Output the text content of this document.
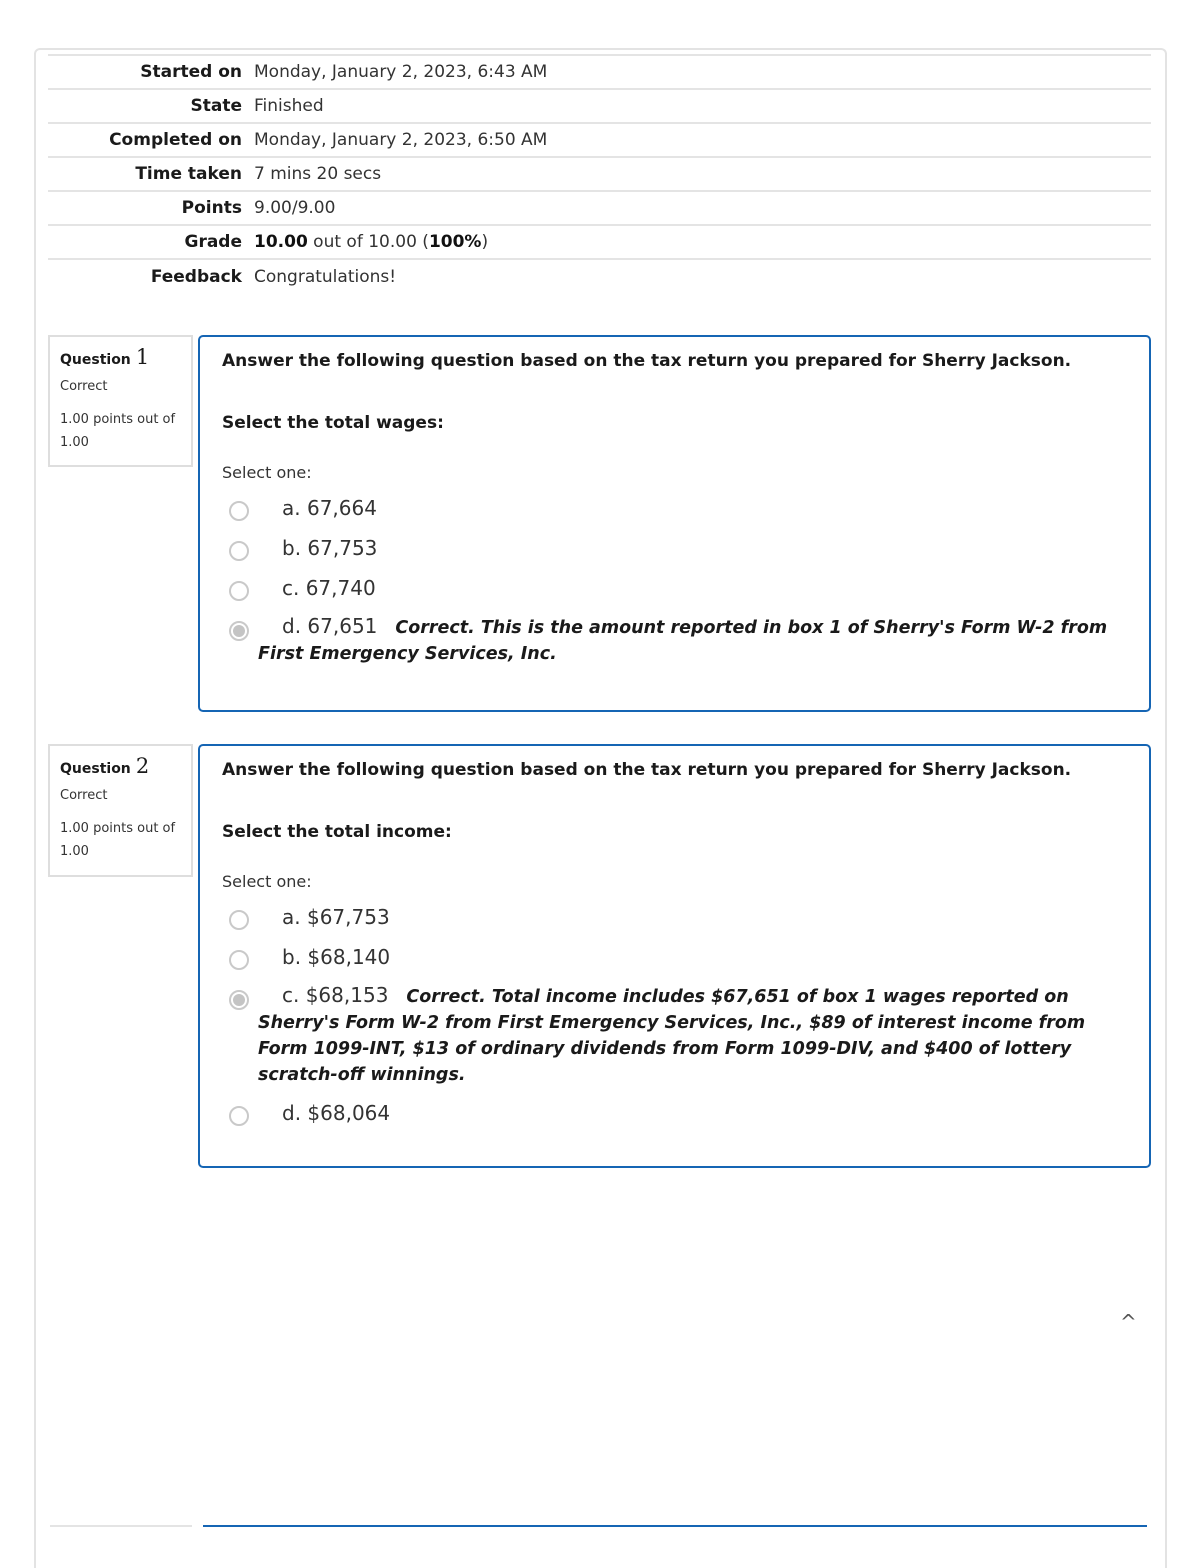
Started on	Monday, January 2, 2023, 6:43 AM
State	Finished
Completed on	Monday, January 2, 2023, 6:50 AM
Time taken	7 mins 20 secs
Points	9.00/9.00
Grade	10.00 out of 10.00 (100%)
Feedback	Congratulations!
Question 1
Correct
1.00 points out of 1.00
Answer the following question based on the tax return you prepared for Sherry Jackson.
Select the total wages:
Select one:
a. 67,664
b. 67,753
c. 67,740
d. 67,651 Correct. This is the amount reported in box 1 of Sherry's Form W-2 from First Emergency Services, Inc.
Question 2
Correct
1.00 points out of 1.00
Answer the following question based on the tax return you prepared for Sherry Jackson.
Select the total income:
Select one:
a. $67,753
b. $68,140
c. $68,153 Correct. Total income includes $67,651 of box 1 wages reported on Sherry's Form W-2 from First Emergency Services, Inc., $89 of interest income from Form 1099-INT, $13 of ordinary dividends from Form 1099-DIV, and $400 of lottery scratch-off winnings.
d. $68,064
^
